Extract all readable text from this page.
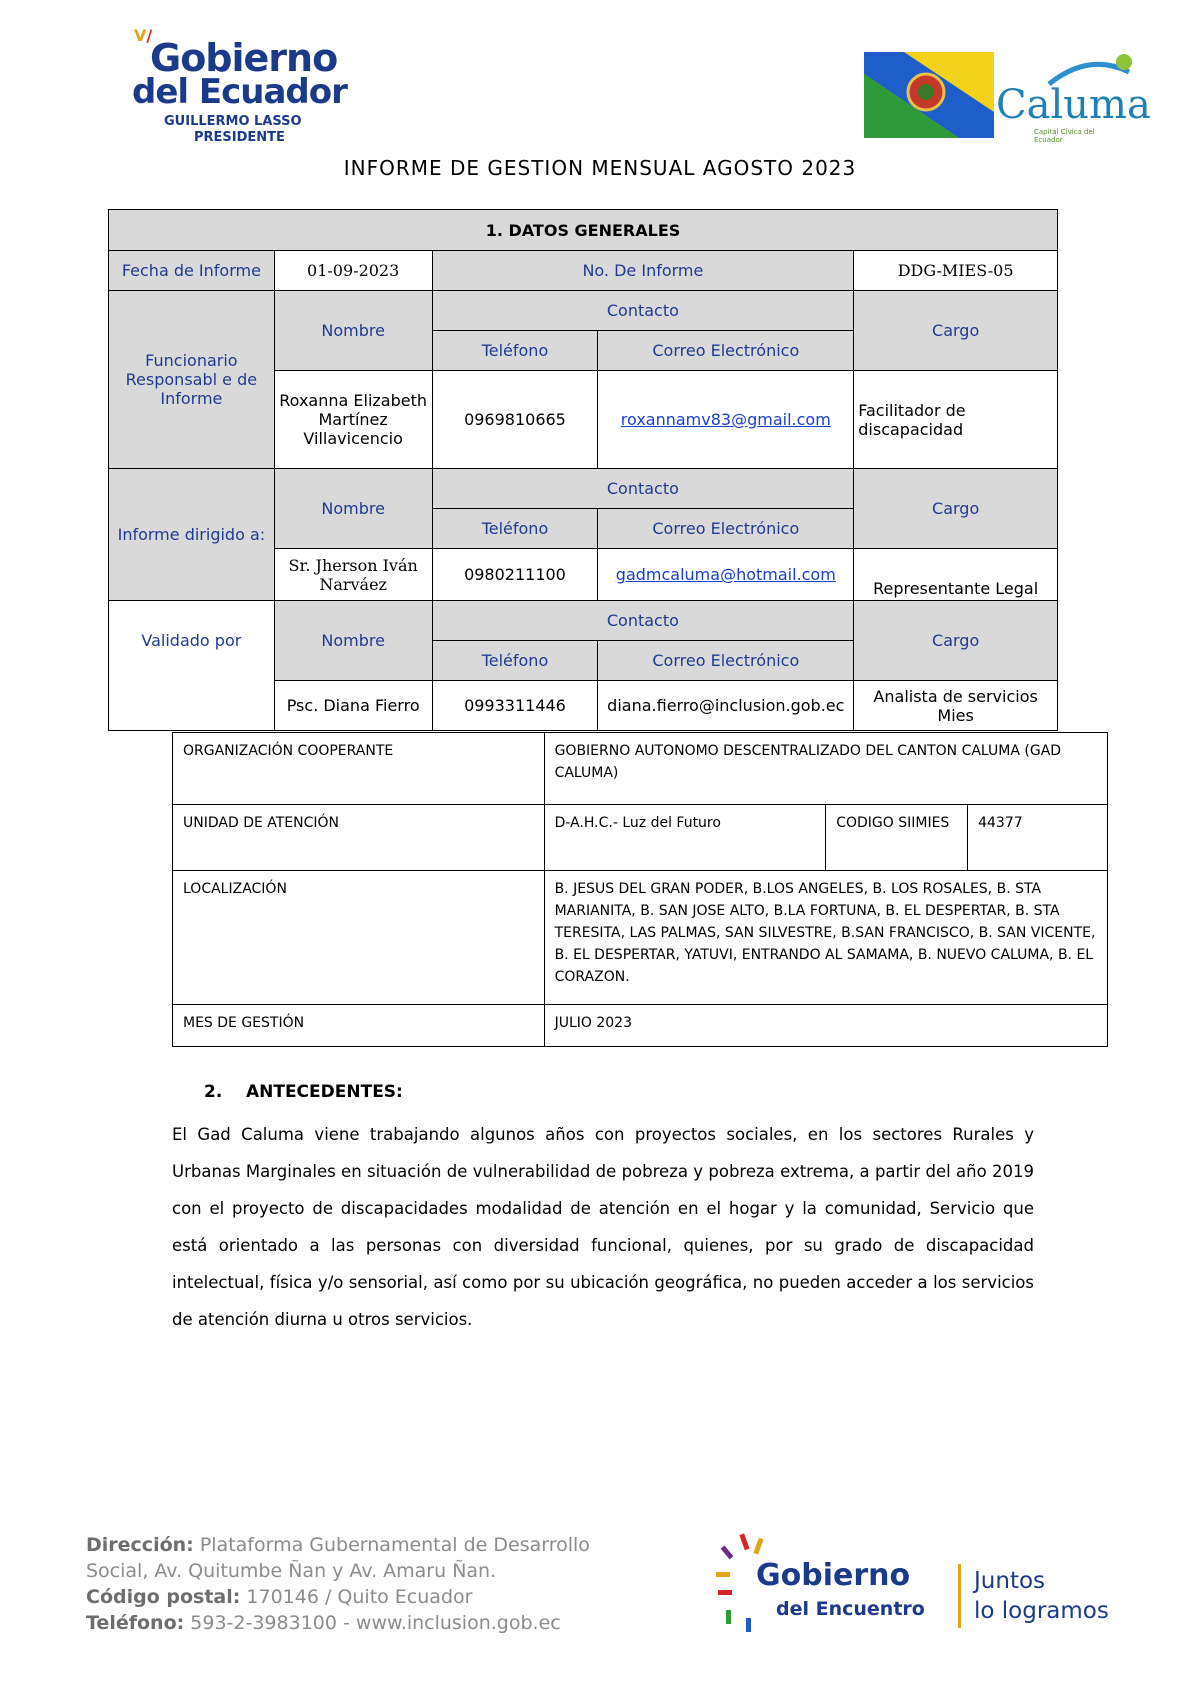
V/
Gobierno
del Ecuador
GUILLERMO LASSO
PRESIDENTE
Caluma
Capital Cívica del Ecuador
INFORME DE GESTION MENSUAL AGOSTO 2023
1. DATOS GENERALES				
Fecha de Informe	01-09-2023	No. De Informe		DDG-MIES-05
Funcionario Responsabl e de Informe	Nombre	Contacto		Cargo
		Teléfono	Correo Electrónico	
	Roxanna Elizabeth Martínez Villavicencio	0969810665	roxannamv83@gmail.com	Facilitador de discapacidad
Informe dirigido a:	Nombre	Contacto		Cargo
		Teléfono	Correo Electrónico	
	Sr. Jherson Iván Narváez	0980211100	gadmcaluma@hotmail.com	Representante Legal
Validado por	Nombre	Contacto		Cargo
		Teléfono	Correo Electrónico	
	Psc. Diana Fierro	0993311446	diana.fierro@inclusion.gob.ec	Analista de servicios Mies
ORGANIZACIÓN COOPERANTE	GOBIERNO AUTONOMO DESCENTRALIZADO DEL CANTON CALUMA (GAD CALUMA)		
UNIDAD DE ATENCIÓN	D-A.H.C.- Luz del Futuro	CODIGO SIIMIES	44377
LOCALIZACIÓN	B. JESUS DEL GRAN PODER, B.LOS ANGELES, B. LOS ROSALES, B. STA MARIANITA, B. SAN JOSE ALTO, B.LA FORTUNA, B. EL DESPERTAR, B. STA TERESITA, LAS PALMAS, SAN SILVESTRE, B.SAN FRANCISCO, B. SAN VICENTE, B. EL DESPERTAR, YATUVI, ENTRANDO AL SAMAMA, B. NUEVO CALUMA, B. EL CORAZON.		
MES DE GESTIÓN	JULIO 2023		
2.    ANTECEDENTES:
El Gad Caluma viene trabajando algunos años con proyectos sociales, en los sectores Rurales y Urbanas Marginales en situación de vulnerabilidad de pobreza y pobreza extrema, a partir del año 2019 con el proyecto de discapacidades modalidad de atención en el hogar y la comunidad, Servicio que está orientado a las personas con diversidad funcional, quienes, por su grado de discapacidad intelectual, física y/o sensorial, así como por su ubicación geográfica, no pueden acceder a los servicios de atención diurna u otros servicios.
Dirección: Plataforma Gubernamental de Desarrollo Social, Av. Quitumbe Ñan y Av. Amaru Ñan.
Código postal: 170146 / Quito Ecuador
Teléfono: 593-2-3983100 - www.inclusion.gob.ec
Gobierno
del Encuentro
Juntos
lo logramos
